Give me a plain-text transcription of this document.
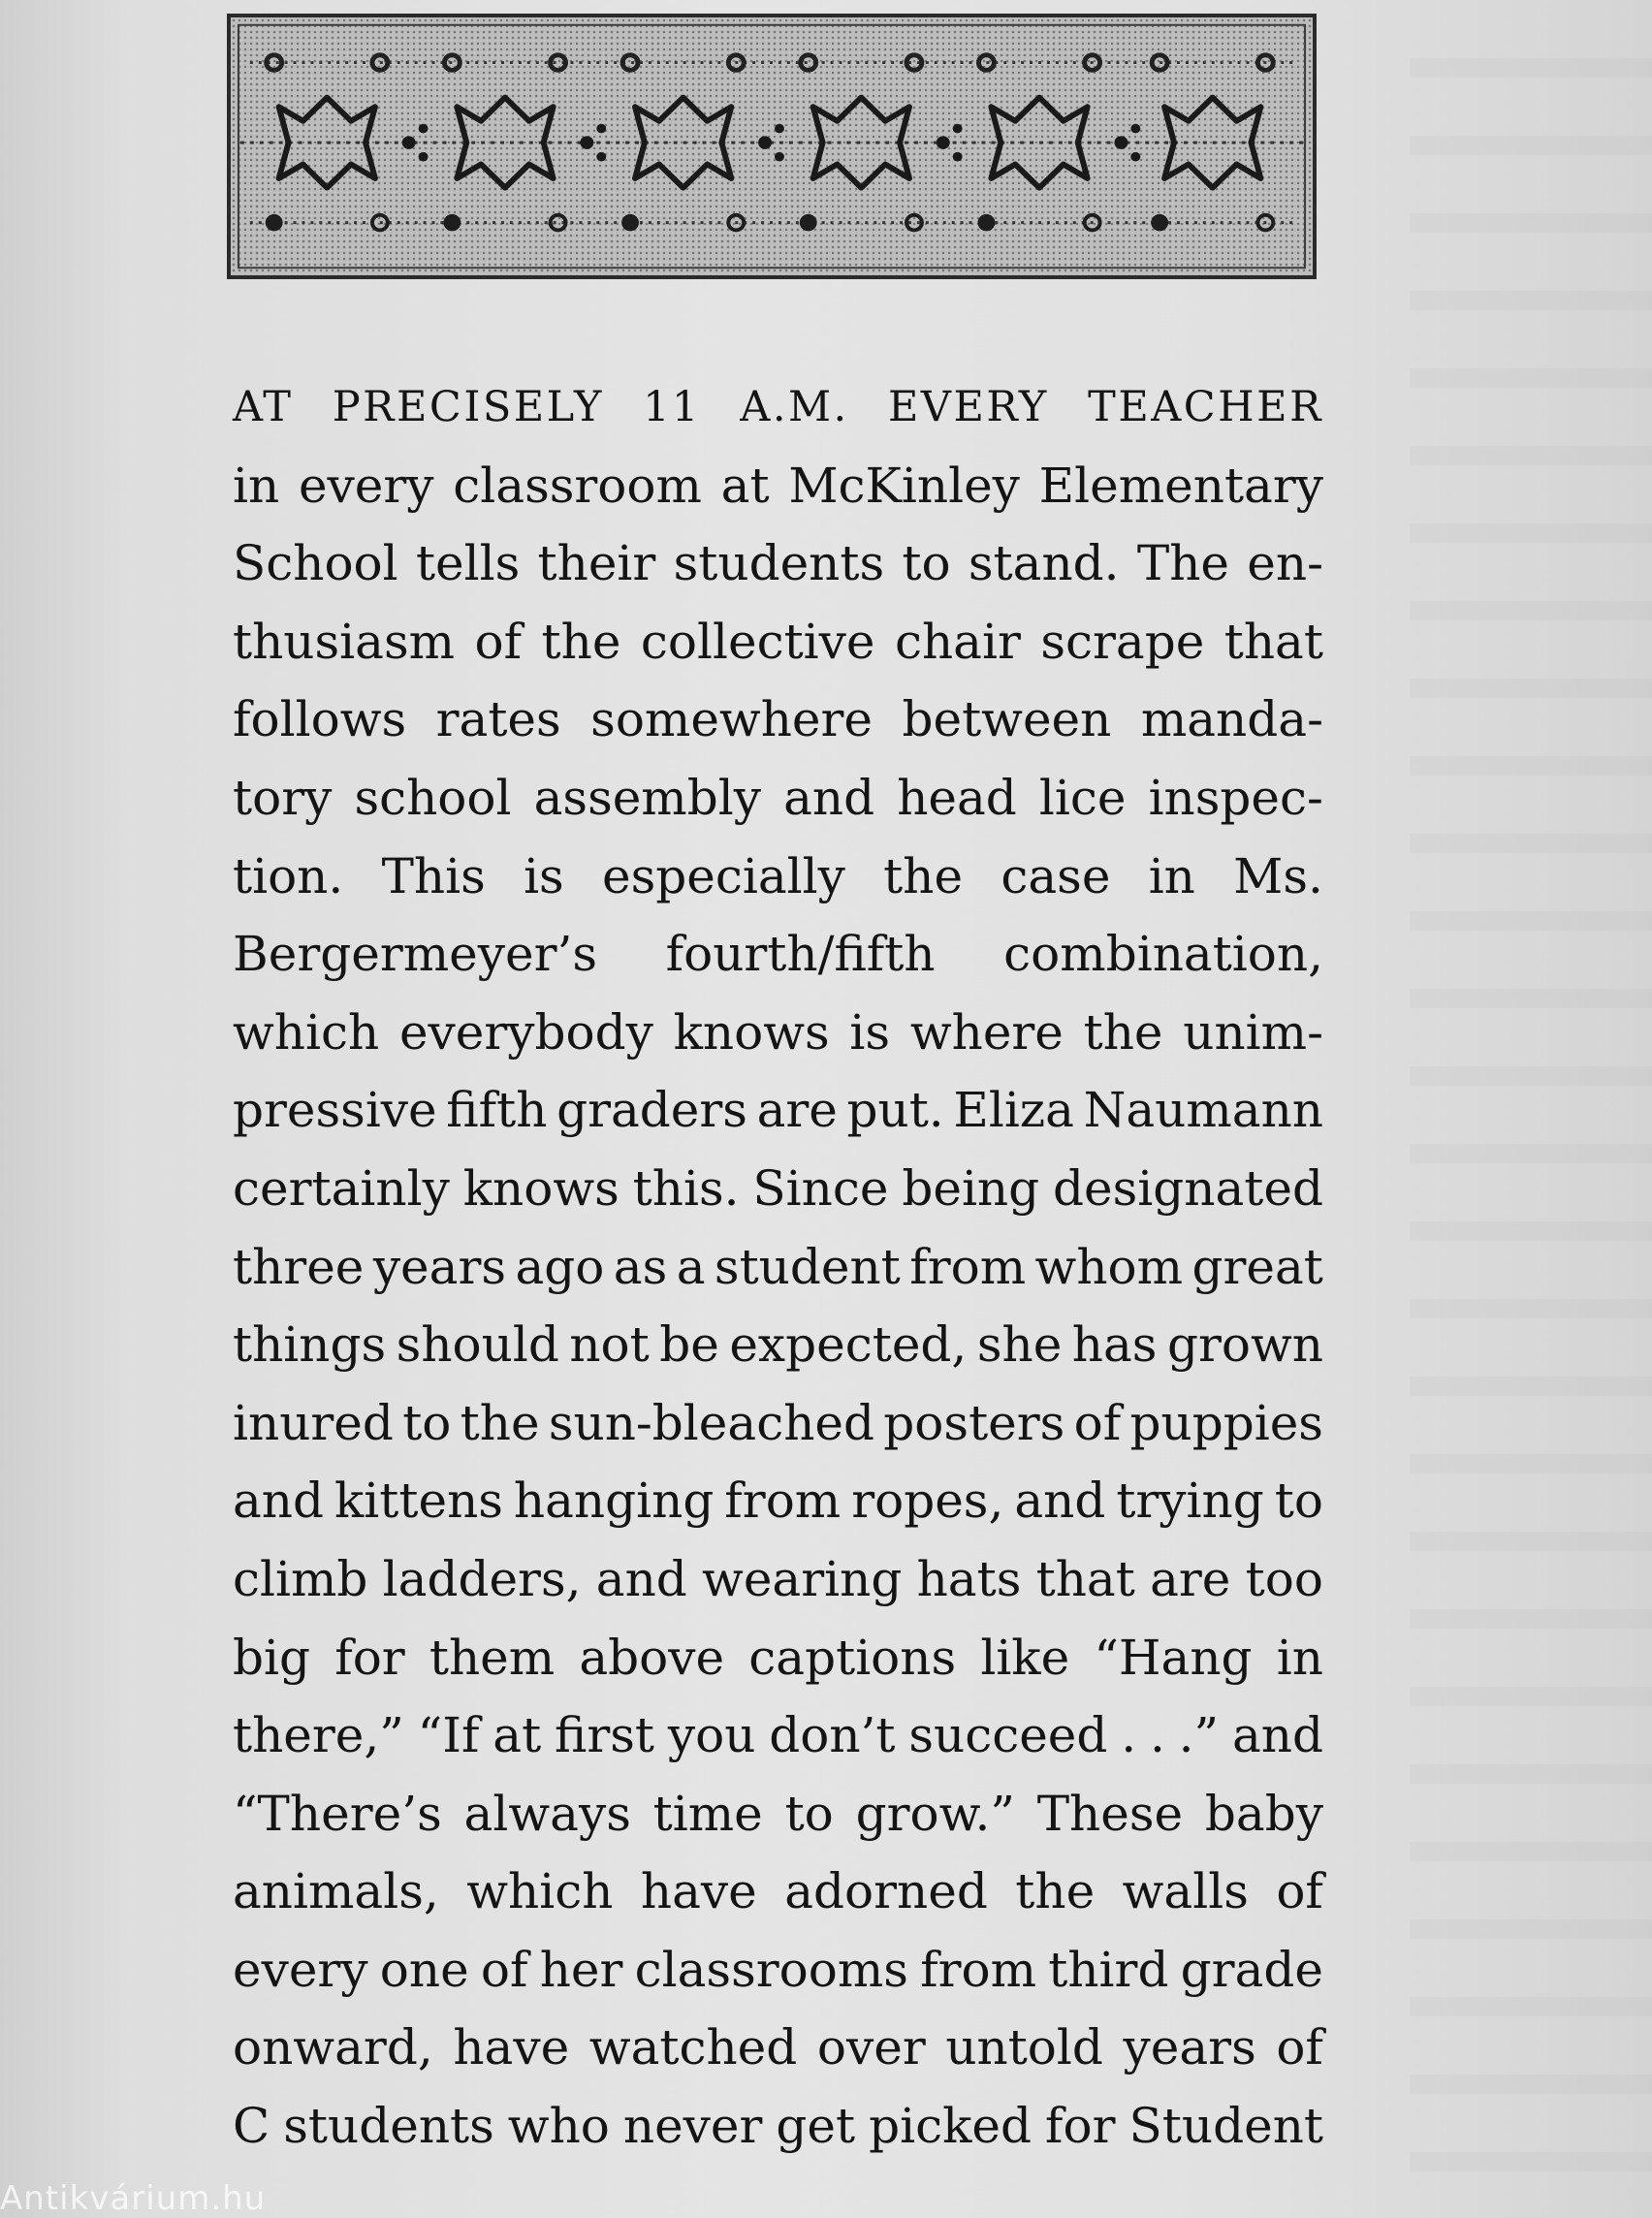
AT PRECISELY 11 A.M. EVERY TEACHER
in every classroom at McKinley Elementary
School tells their students to stand. The en-
thusiasm of the collective chair scrape that
follows rates somewhere between manda-
tory school assembly and head lice inspec-
tion. This is especially the case in Ms.
Bergermeyer’s fourth/fifth combination,
which everybody knows is where the unim-
pressive fifth graders are put. Eliza Naumann
certainly knows this. Since being designated
three years ago as a student from whom great
things should not be expected, she has grown
inured to the sun-bleached posters of puppies
and kittens hanging from ropes, and trying to
climb ladders, and wearing hats that are too
big for them above captions like “Hang in
there,” “If at first you don’t succeed . . .” and
“There’s always time to grow.” These baby
animals, which have adorned the walls of
every one of her classrooms from third grade
onward, have watched over untold years of
C students who never get picked for Student
Antikvárium.hu
